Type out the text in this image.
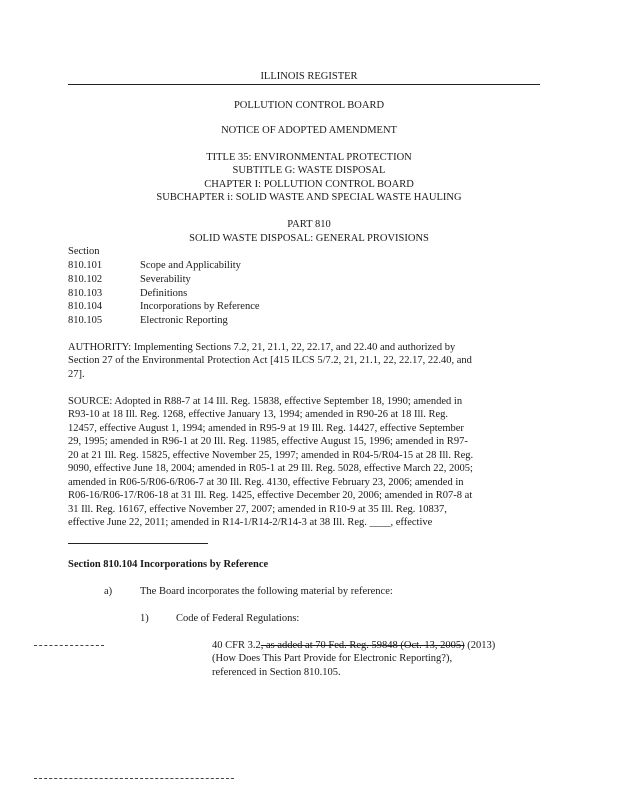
ILLINOIS REGISTER
POLLUTION CONTROL BOARD
NOTICE OF ADOPTED AMENDMENT
TITLE 35: ENVIRONMENTAL PROTECTION
SUBTITLE G: WASTE DISPOSAL
CHAPTER I: POLLUTION CONTROL BOARD
SUBCHAPTER i: SOLID WASTE AND SPECIAL WASTE HAULING
PART 810
SOLID WASTE DISPOSAL: GENERAL PROVISIONS
Section
810.101	Scope and Applicability
810.102	Severability
810.103	Definitions
810.104	Incorporations by Reference
810.105	Electronic Reporting
AUTHORITY: Implementing Sections 7.2, 21, 21.1, 22, 22.17, and 22.40 and authorized by
Section 27 of the Environmental Protection Act [415 ILCS 5/7.2, 21, 21.1, 22, 22.17, 22.40, and
27].
SOURCE: Adopted in R88-7 at 14 Ill. Reg. 15838, effective September 18, 1990; amended in
R93-10 at 18 Ill. Reg. 1268, effective January 13, 1994; amended in R90-26 at 18 Ill. Reg.
12457, effective August 1, 1994; amended in R95-9 at 19 Ill. Reg. 14427, effective September
29, 1995; amended in R96-1 at 20 Ill. Reg. 11985, effective August 15, 1996; amended in R97-
20 at 21 Ill. Reg. 15825, effective November 25, 1997; amended in R04-5/R04-15 at 28 Ill. Reg.
9090, effective June 18, 2004; amended in R05-1 at 29 Ill. Reg. 5028, effective March 22, 2005;
amended in R06-5/R06-6/R06-7 at 30 Ill. Reg. 4130, effective February 23, 2006; amended in
R06-16/R06-17/R06-18 at 31 Ill. Reg. 1425, effective December 20, 2006; amended in R07-8 at
31 Ill. Reg. 16167, effective November 27, 2007; amended in R10-9 at 35 Ill. Reg. 10837,
effective June 22, 2011; amended in R14-1/R14-2/R14-3 at 38 Ill. Reg. ____, effective
Section 810.104 Incorporations by Reference
a)	The Board incorporates the following material by reference:
1)	Code of Federal Regulations:
40 CFR 3.2, as added at 70 Fed. Reg. 59848 (Oct. 13, 2005) (2013)
(How Does This Part Provide for Electronic Reporting?),
referenced in Section 810.105.
